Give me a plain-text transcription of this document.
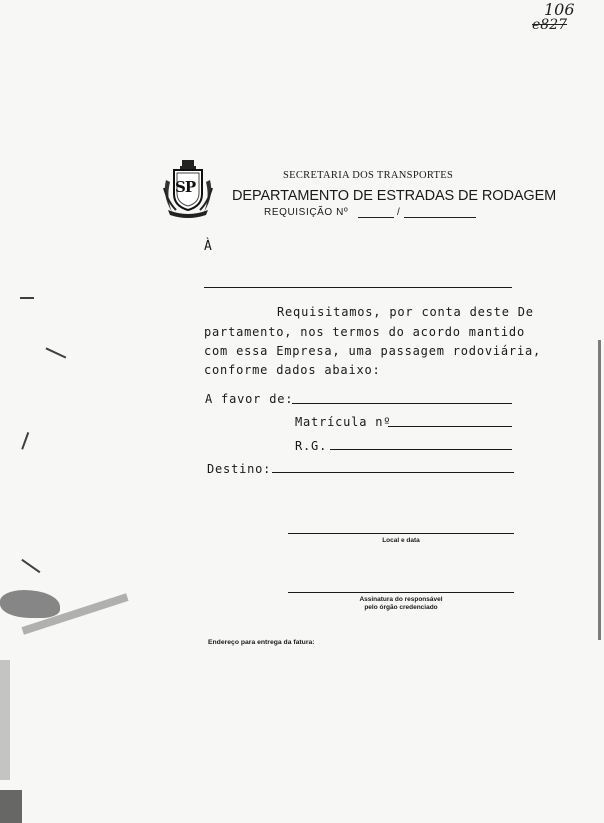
106
e827
SP
SECRETARIA DOS TRANSPORTES
DEPARTAMENTO DE ESTRADAS DE RODAGEM
REQUISIÇÃO Nº	/
À
Requisitamos, por conta deste De
partamento, nos termos do acordo mantido
com essa Empresa, uma passagem rodoviária,
conforme dados abaixo:
A favor de:
Matrícula nº
R.G.
Destino:
Local e data
Assinatura do responsável
pelo órgão credenciado
Endereço para entrega da fatura:
